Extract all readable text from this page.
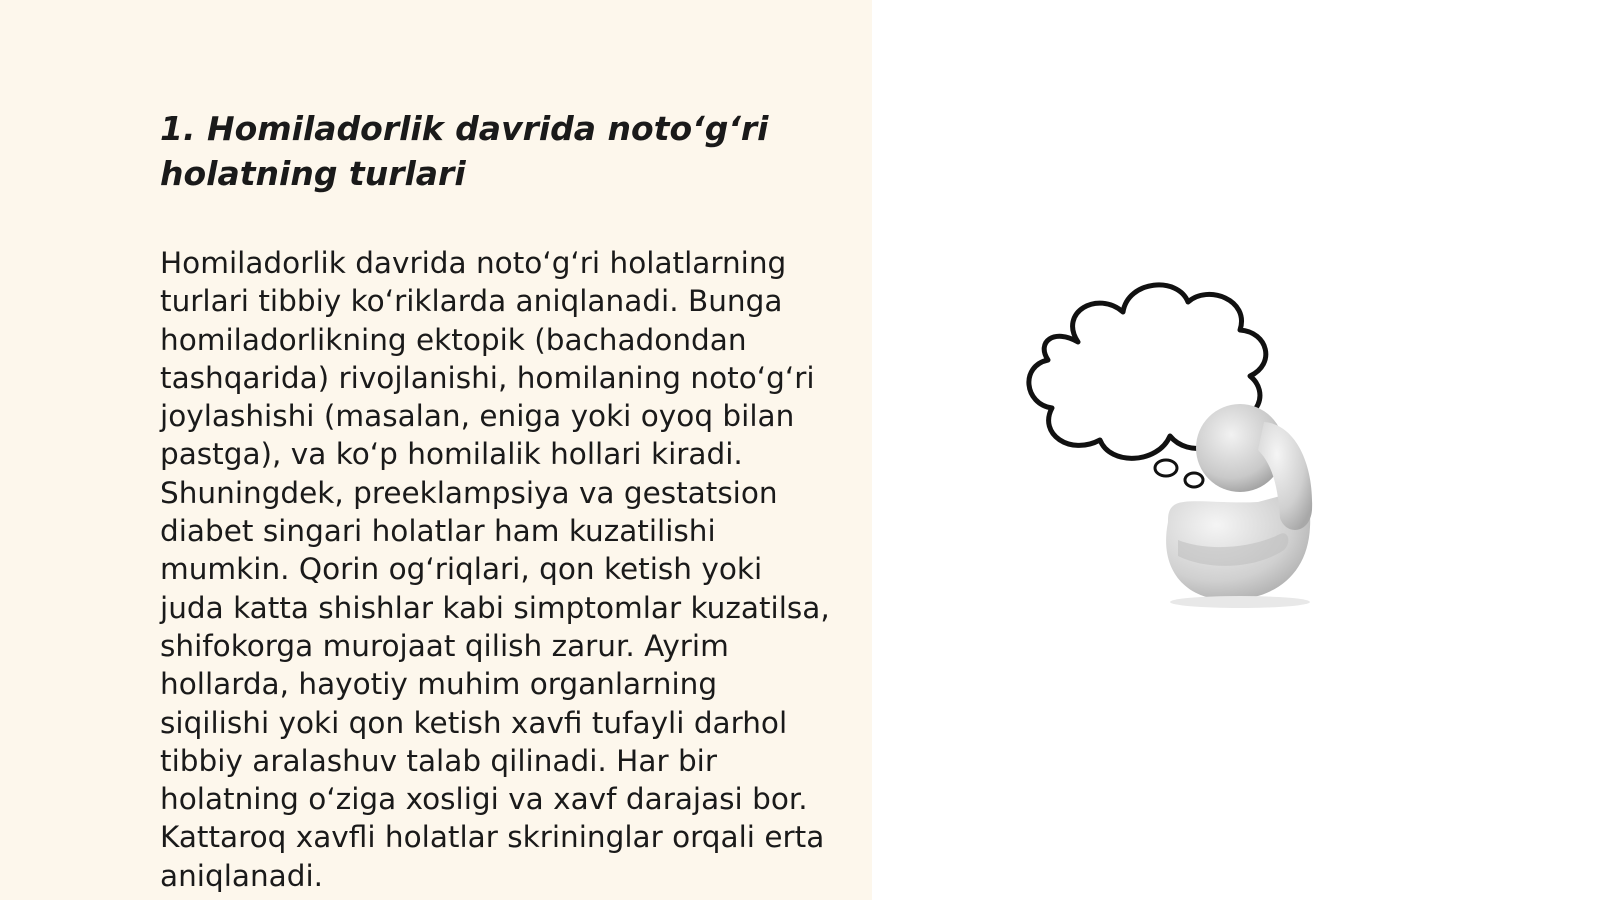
1. Homiladorlik davrida noto‘g‘ri
holatning turlari

Homiladorlik davrida noto‘g‘ri holatlarning
turlari tibbiy ko‘riklarda aniqlanadi. Bunga
homiladorlikning ektopik (bachadondan
tashqarida) rivojlanishi, homilaning noto‘g‘ri
joylashishi (masalan, eniga yoki oyoq bilan
pastga), va ko‘p homilalik hollari kiradi.
Shuningdek, preeklampsiya va gestatsion
diabet singari holatlar ham kuzatilishi
mumkin. Qorin og‘riqlari, qon ketish yoki
juda katta shishlar kabi simptomlar kuzatilsa,
shifokorga murojaat qilish zarur. Ayrim
hollarda, hayotiy muhim organlarning
siqilishi yoki qon ketish xavfi tufayli darhol
tibbiy aralashuv talab qilinadi. Har bir
holatning o‘ziga xosligi va xavf darajasi bor.
Kattaroq xavfli holatlar skrininglar orqali erta
aniqlanadi.
